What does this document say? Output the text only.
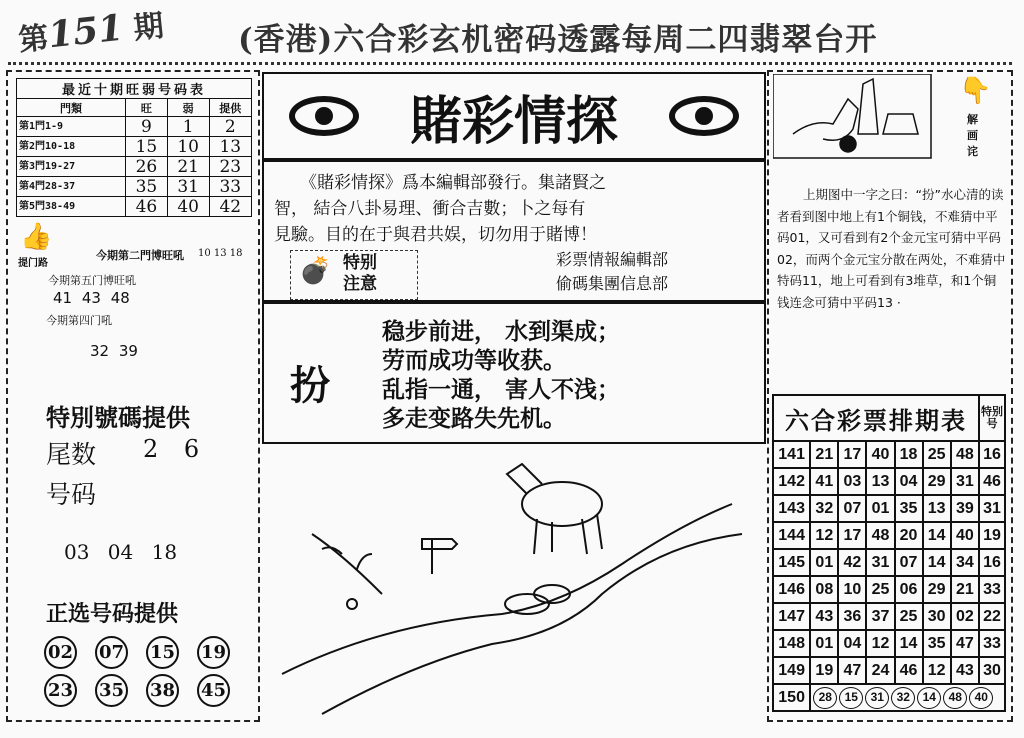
第151 期 (香港)六合彩玄机密码透露每周二四翡翠台开
最近十期旺弱号码表			
門類	旺	弱	提供
第1門1-9	9	1	2
第2門10-18	15	10	13
第3門19-27	26	21	23
第4門28-37	35	31	33
第5門38-49	46	40	42
👍
提门路
今期第二門博旺吼 10 13 18
今期第五门博旺吼
41 43 48
今期第四门吼
32 39
特別號碼提供
尾数 2 6
号码
03 04 18
正选号码提供
02 07 15 1923 35 38 45
賭彩情探
《賭彩情探》爲本編輯部發行。集諸賢之
智， 結合八卦易理、衝合吉數；卜之每有
見驗。目的在于與君共娱，切勿用于賭博！
💣 特别
注意
彩票情報編輯部
偷碼集團信息部
扮
稳步前进， 水到渠成；
劳而成功等收获。
乱指一通， 害人不浅；
多走变路失先机。
👇
解画诧
上期图中一字之曰：“扮”水心清的读者看到图中地上有1个铜钱，不难猜中平码01，又可看到有2个金元宝可猜中平码02，而两个金元宝分散在两处，不难猜中特码11，地上可看到有3堆草，和1个铜钱连念可猜中平码13 ·
六合彩票排期表							特别号
141	21	17	40	18	25	48	16
142	41	03	13	04	29	31	46
143	32	07	01	35	13	39	31
144	12	17	48	20	14	40	19
145	01	42	31	07	14	34	16
146	08	10	25	06	29	21	33
147	43	36	37	25	30	02	22
148	01	04	12	14	35	47	33
149	19	47	24	46	12	43	30
150	28 15 31 32 14 48 40						
